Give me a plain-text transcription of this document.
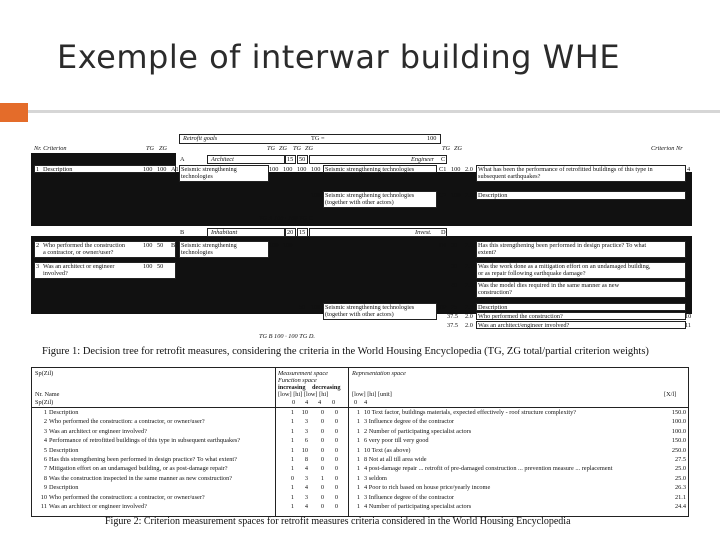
Exemple of interwar building WHE
Retrofit goals	TG =	100
Nr. Criterion	TG ZG	TG ZG TG ZG	TG ZG	Criterion Nr
A	Architect	15 50	Engineer C
1 Description	100 100 A1 Seismic strengthening
technologies
100 100 100 100 Seismic strengthening technologies	C1 100 2.0 What has been the performance of retrofitted buildings of this type in
subsequent earthquakes?
4
100 Seismic strengthening technologies
(together with other actors)
C2 100 2.0 Description	5
TG A 100 · 100 TG C
B	Inhabitant	20 15	Invest. D
2 Who performed the construction
a contractor, or owner/user?
100 50 B1 Seismic strengthening
technologies
100 100	D1 30 2.0 Has this strengthening been performed in design practice? To what
extent?
6
3 Was an architect or engineer
involved?
100 50	30 2.1 Was the work done as a mitigation effort on an undamaged building,
or as repair following earthquake damage?
7
40 2.0 Was the model dies required in the same manner as new
construction?
8
50 100 Seismic strengthening technologies
(together with other actors)
D2 25 2.0 Description	9
37.5 2.0 Who performed the construction?	10
37.5 2.0 Was an architect/engineer involved?	11
TG B 100 · 100 TG D.
Figure 1: Decision tree for retrofit measures, considering the criteria in the World Housing Encyclopedia (TG, ZG total/partial criterion weights)
Sp(Zil)	Measurement space
Function space
increasing decreasing
[low] [hi] [low] [hi]
Representation space
[low] [hi] [unit]
Nr. Name	[X/l]
Sp(Zil)	0 4 4 0	0 4
1 Description	1	10	0	0	1 10 Text factor, buildings materials, expected effectively - roof structure complexity?	150.0
2 Who performed the construction: a contractor, or owner/user?	1	3	0	0	1 3 Influence degree of the contractor	100.0
3 Was an architect or engineer involved?	1	3	0	0	1 2 Number of participating specialist actors	100.0
4 Performance of retrofitted buildings of this type in subsequent earthquakes?	1	6	0	0	1 6 very poor till very good	150.0
5 Description	1	10	0	0	1 10 Text (as above)	250.0
6 Has this strengthening been performed in design practice? To what extent?	1	8	0	0	1 8 Not at all till area wide	27.5
7 Mitigation effort on an undamaged building, or as post-damage repair?	1	4	0	0	1 4 post-damage repair ... retrofit of pre-damaged construction ... prevention measure ... replacement	25.0
8 Was the construction inspected in the same manner as new construction?	0	3	1	0	1 3 seldom	25.0
9 Description	1	4	0	0	1 4 Poor to rich based on house price/yearly income	26.3
10 Who performed the construction: a contractor, or owner/user?	1	3	0	0	1 3 Influence degree of the contractor	21.1
11 Was an architect or engineer involved?	1	4	0	0	1 4 Number of participating specialist actors	24.4
Figure 2: Criterion measurement spaces for retrofit measures criteria considered in the World Housing Encyclopedia
